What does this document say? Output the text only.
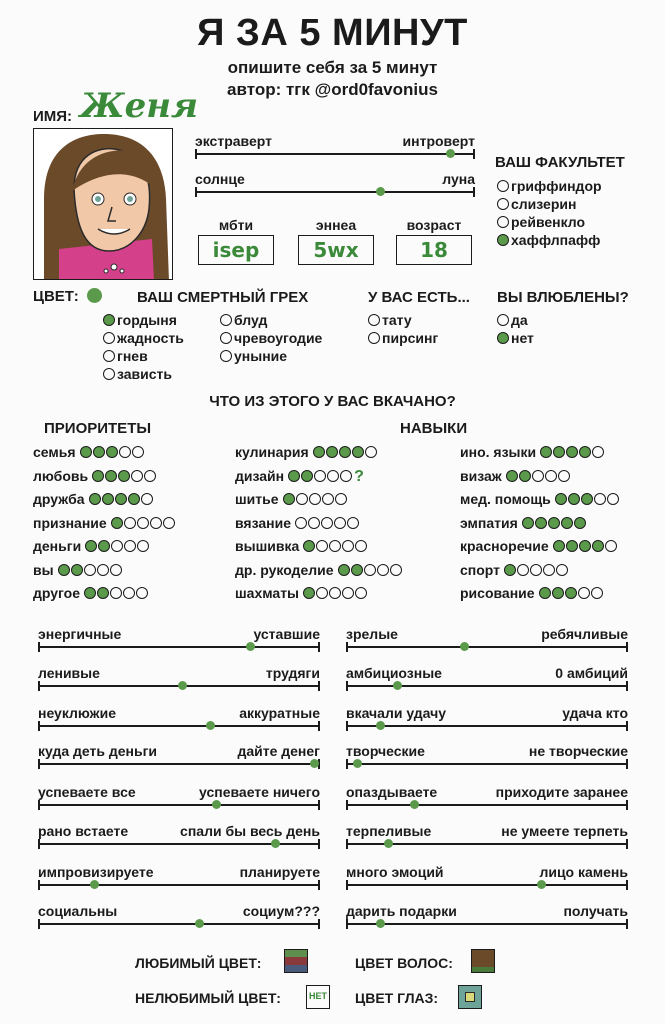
Я ЗА 5 МИНУТ
опишите себя за 5 минут
автор: тгк @ord0favonius
ИМЯ: Женя
экстраверт	интроверт
солнце	луна
мбти
isep
эннеа
5wx
возраст
18
ВАШ ФАКУЛЬТЕТ
гриффиндор
слизерин
рейвенкло
хаффлпафф
ЦВЕТ:	ВАШ СМЕРТНЫЙ ГРЕХ
гордыня
жадность
гнев
зависть
блуд
чревоугодие
уныние
У ВАС ЕСТЬ...
тату
пирсинг
ВЫ ВЛЮБЛЕНЫ?
да
нет
ЧТО ИЗ ЭТОГО У ВАС ВКАЧАНО?
ПРИОРИТЕТЫ	НАВЫКИ
семья
любовь
дружба
признание
деньги
вы
другое
кулинария
дизайн	?
шитье
вязание
вышивка
др. рукоделие
шахматы
ино. языки
визаж
мед. помощь
эмпатия
красноречие
спорт
рисование
энергичные	уставшие
ленивые	трудяги
неуклюжие	аккуратные
куда деть деньги	дайте денег
успеваете все	успеваете ничего
рано встаете	спали бы весь день
импровизируете	планируете
социальны	социум???
зрелые	ребячливые
амбициозные	0 амбиций
вкачали удачу	удача кто
творческие	не творческие
опаздываете	приходите заранее
терпеливые	не умеете терпеть
много эмоций	лицо камень
дарить подарки	получать
ЛЮБИМЫЙ ЦВЕТ:	ЦВЕТ ВОЛОС:
НЕЛЮБИМЫЙ ЦВЕТ:	НЕТ ЦВЕТ ГЛАЗ:
